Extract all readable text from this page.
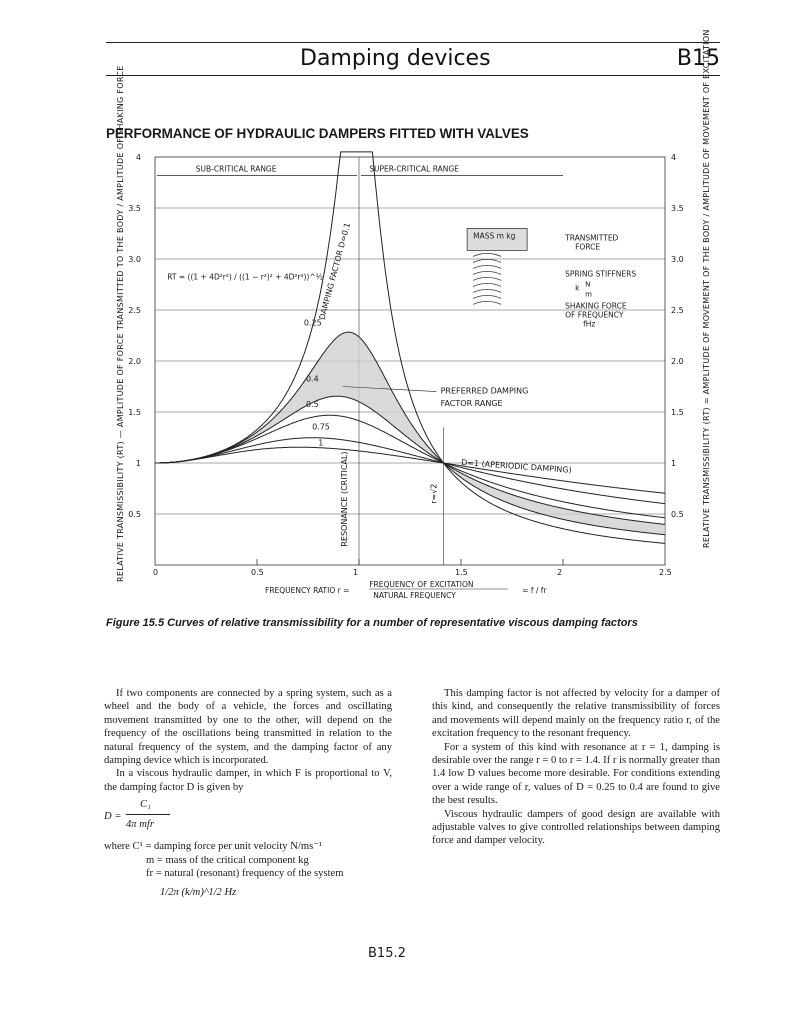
Damping devices	B15
PERFORMANCE OF HYDRAULIC DAMPERS FITTED WITH VALVES
0	0.5	1	1.5	2	2.5
0.5
1
1.5
2.0
2.5
3.0
3.5
4
0.5
1
1.5
2.0
2.5
3.0
3.5
4
0.25
0.4
0.5
0.75
1
DAMPING FACTOR D=0.1
RESONANCE (CRITICAL)	r=√2
SUB-CRITICAL RANGE	SUPER-CRITICAL RANGE
RT = ((1 + 4D²r²) / ((1 − r²)² + 4D²r²))^½
PREFERRED DAMPING
FACTOR RANGE
D=1 (APERIODIC DAMPING)
MASS m kg	TRANSMITTED
FORCE
SPRING STIFFNERS
k N
m
SHAKING FORCE
OF FREQUENCY
fHz
FREQUENCY RATIO r =
FREQUENCY OF EXCITATION
NATURAL FREQUENCY
= f / fr
RELATIVE TRANSMISSIBILITY (RT) — AMPLITUDE OF FORCE TRANSMITTED TO THE BODY / AMPLITUDE OF SHAKING FORCE	RELATIVE TRANSMISSIBILITY (RT) = AMPLITUDE OF MOVEMENT OF THE BODY / AMPLITUDE OF MOVEMENT OF EXCITATION
Figure 15.5 Curves of relative transmissibility for a number of representative viscous damping factors

If two components are connected by a spring system, such as a wheel and the body of a vehicle, the forces and oscillating movement transmitted by one to the other, will depend on the frequency of the oscillations being transmitted in relation to the natural frequency of the system, and the damping factor of any damping device which is incorporated.

In a viscous hydraulic damper, in which F is proportional to V, the damping factor D is given by

D =
C₁
4π mfr
where C¹ = damping force per unit velocity N/ms⁻¹
m = mass of the critical component kg
fr = natural (resonant) frequency of the system
1/2π (k/m)^1/2 Hz

This damping factor is not affected by velocity for a damper of this kind, and consequently the relative transmissibility of forces and movements will depend mainly on the frequency ratio r, of the excitation frequency to the resonant frequency.

For a system of this kind with resonance at r = 1, damping is desirable over the range r = 0 to r = 1.4. If r is normally greater than 1.4 low D values become more desirable. For conditions extending over a wide range of r, values of D = 0.25 to 0.4 are found to give the best results.

Viscous hydraulic dampers of good design are available with adjustable valves to give controlled relationships between damping force and damper velocity.

B15.2
